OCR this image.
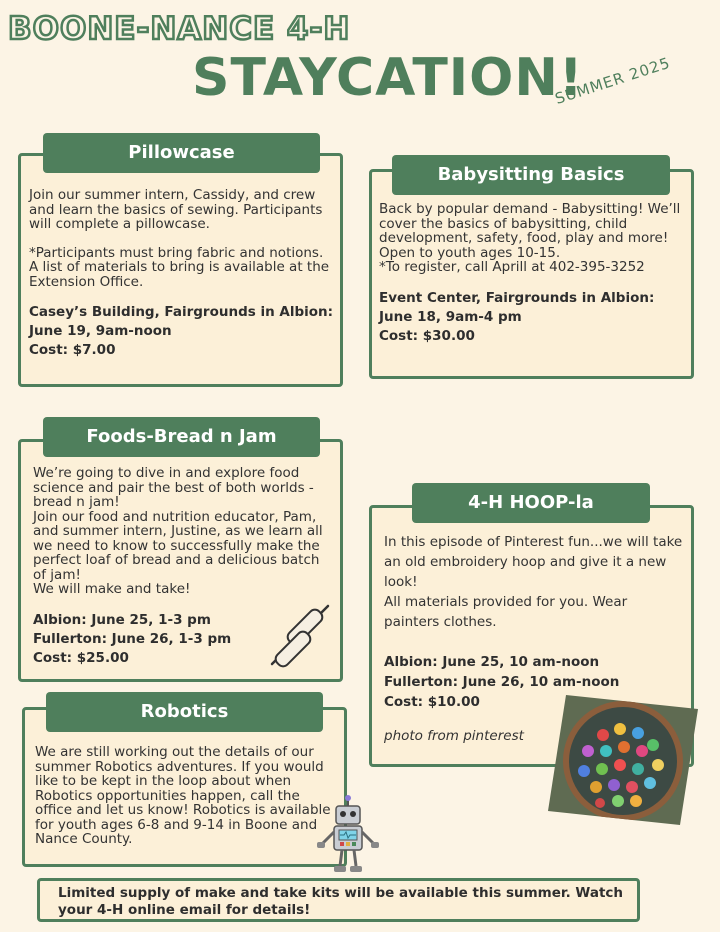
BOONE-NANCE 4-H
STAYCATION!
SUMMER 2025
Pillowcase

Join our summer intern, Cassidy, and crew and learn the basics of sewing. Participants will complete a pillowcase.

*Participants must bring fabric and notions. A list of materials to bring is available at the Extension Office.

Casey’s Building, Fairgrounds in Albion:

June 19, 9am-noon

Cost: $7.00

Babysitting Basics

Back by popular demand - Babysitting! We’ll cover the basics of babysitting, child development, safety, food, play and more!

Open to youth ages 10-15.

*To register, call Aprill at 402-395-3252

Event Center, Fairgrounds in Albion:

June 18, 9am-4 pm

Cost: $30.00

Foods-Bread n Jam

We’re going to dive in and explore food science and pair the best of both worlds - bread n jam!

Join our food and nutrition educator, Pam, and summer intern, Justine, as we learn all we need to know to successfully make the perfect loaf of bread and a delicious batch of jam!

We will make and take!

Albion: June 25, 1-3 pm

Fullerton: June 26, 1-3 pm

Cost: $25.00

Robotics

We are still working out the details of our summer Robotics adventures. If you would like to be kept in the loop about when Robotics opportunities happen, call the office and let us know! Robotics is available for youth ages 6-8 and 9-14 in Boone and Nance County.

4-H HOOP-la

In this episode of Pinterest fun...we will take an old embroidery hoop and give it a new look!

All materials provided for you. Wear painters clothes.

Albion: June 25, 10 am-noon

Fullerton: June 26, 10 am-noon

Cost: $10.00

photo from pinterest

Limited supply of make and take kits will be available this summer. Watch your 4-H online email for details!
